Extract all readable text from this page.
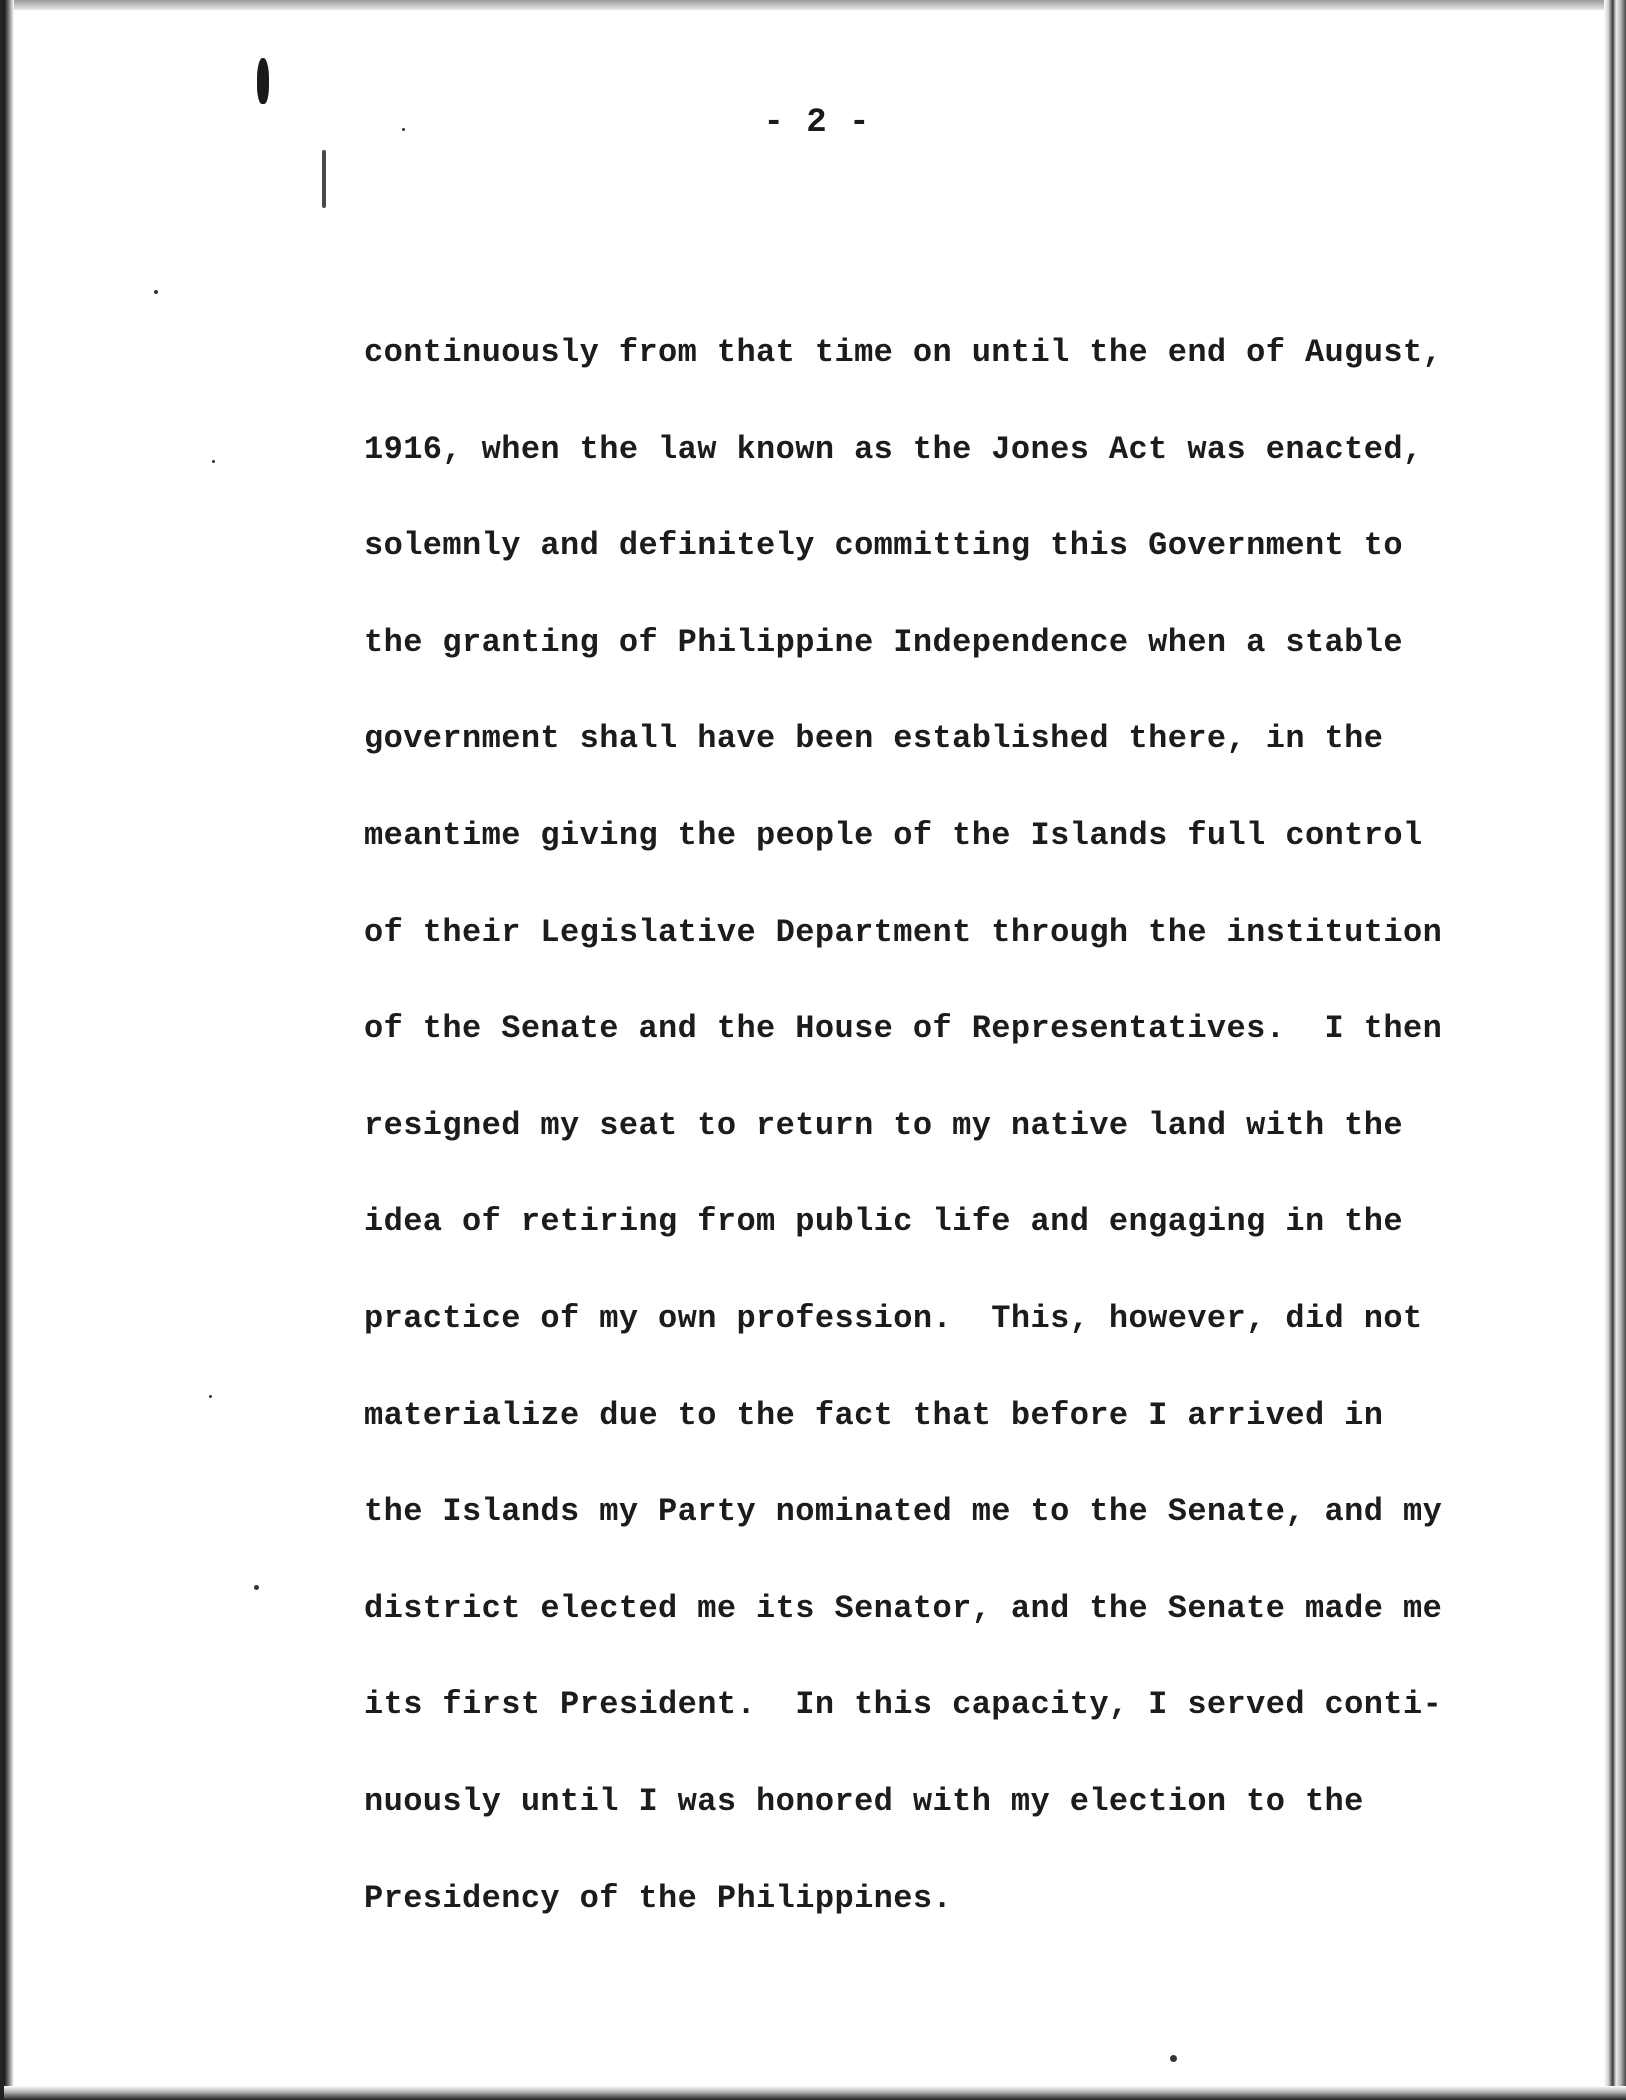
- 2 -
continuously from that time on until the end of August,
1916, when the law known as the Jones Act was enacted,
solemnly and definitely committing this Government to
the granting of Philippine Independence when a stable
government shall have been established there, in the
meantime giving the people of the Islands full control
of their Legislative Department through the institution
of the Senate and the House of Representatives.  I then
resigned my seat to return to my native land with the
idea of retiring from public life and engaging in the
practice of my own profession.  This, however, did not
materialize due to the fact that before I arrived in
the Islands my Party nominated me to the Senate, and my
district elected me its Senator, and the Senate made me
its first President.  In this capacity, I served conti-
nuously until I was honored with my election to the
Presidency of the Philippines.
